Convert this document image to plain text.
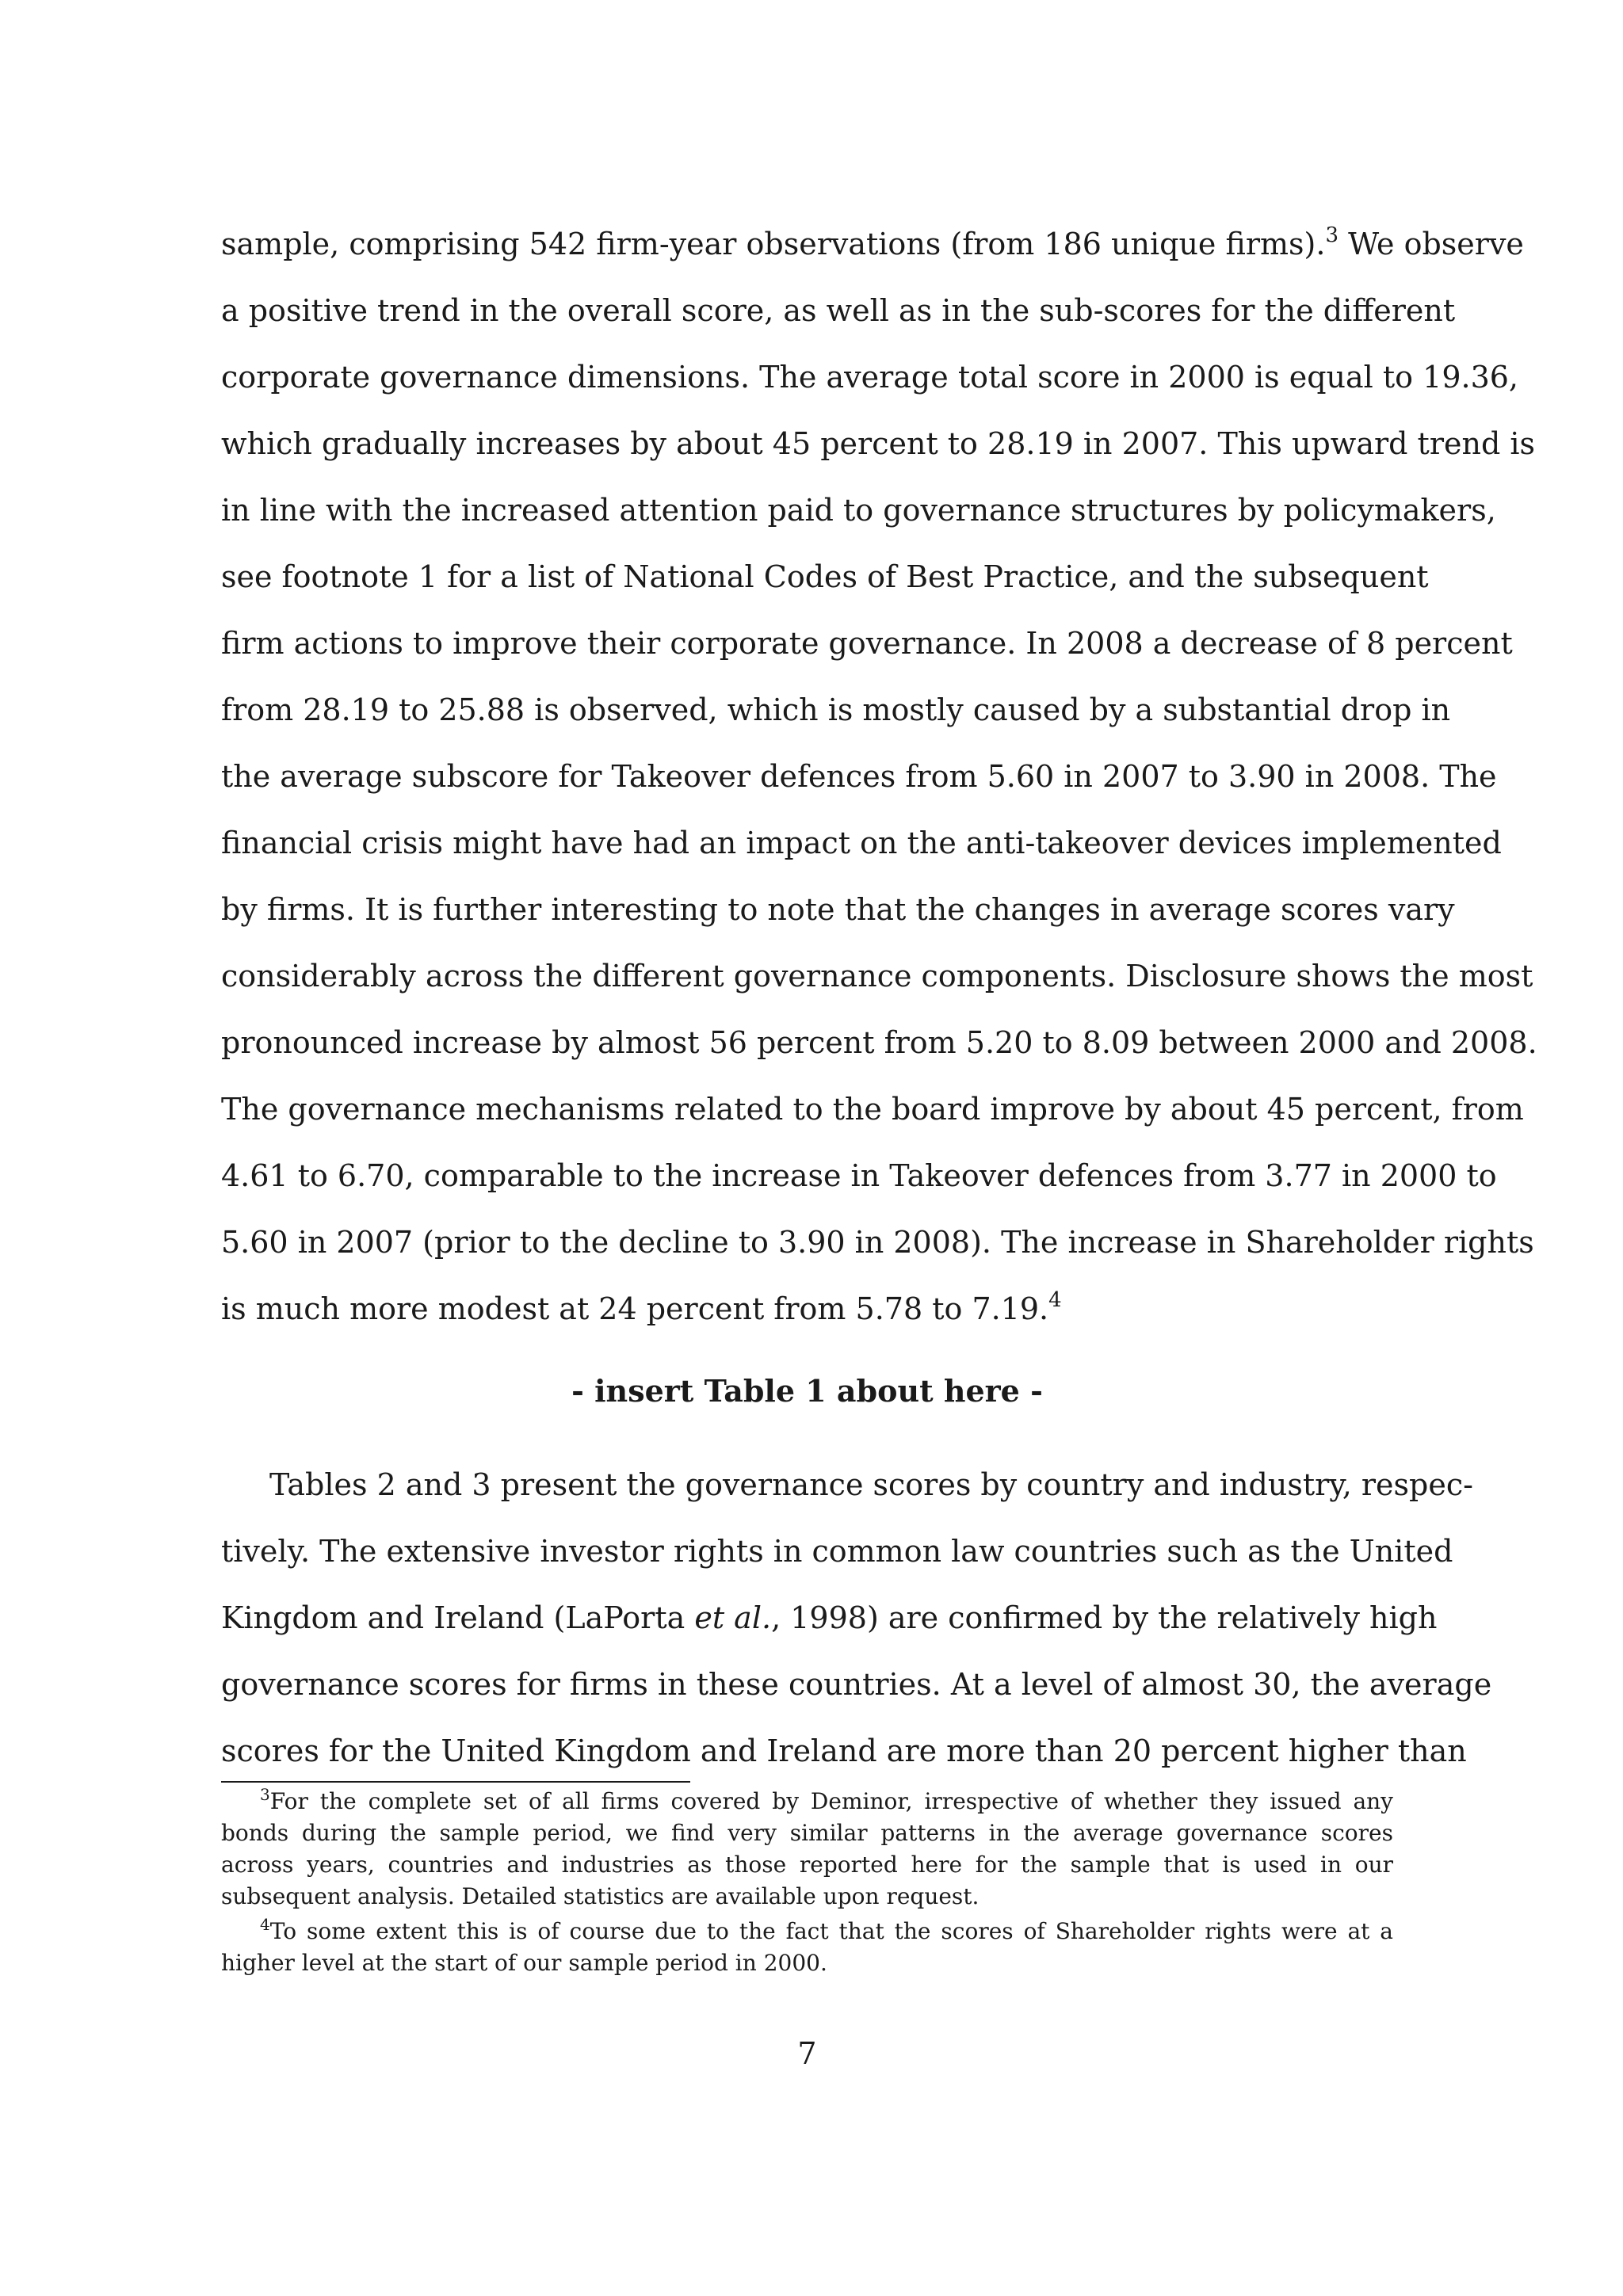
sample, comprising 542 firm-year observations (from 186 unique firms).$^3$ We observe
a positive trend in the overall score, as well as in the sub-scores for the different
corporate governance dimensions. The average total score in 2000 is equal to 19.36,
which gradually increases by about 45 percent to 28.19 in 2007. This upward trend is
in line with the increased attention paid to governance structures by policymakers,
see footnote 1 for a list of National Codes of Best Practice, and the subsequent
firm actions to improve their corporate governance. In 2008 a decrease of 8 percent
from 28.19 to 25.88 is observed, which is mostly caused by a substantial drop in
the average subscore for Takeover defences from 5.60 in 2007 to 3.90 in 2008. The
financial crisis might have had an impact on the anti-takeover devices implemented
by firms. It is further interesting to note that the changes in average scores vary
considerably across the different governance components. Disclosure shows the most
pronounced increase by almost 56 percent from 5.20 to 8.09 between 2000 and 2008.
The governance mechanisms related to the board improve by about 45 percent, from
4.61 to 6.70, comparable to the increase in Takeover defences from 3.77 in 2000 to
5.60 in 2007 (prior to the decline to 3.90 in 2008). The increase in Shareholder rights
is much more modest at 24 percent from 5.78 to 7.19.$^4$
- insert Table 1 about here -
Tables 2 and 3 present the governance scores by country and industry, respec-
tively. The extensive investor rights in common law countries such as the United
Kingdom and Ireland (LaPorta et al., 1998) are confirmed by the relatively high
governance scores for firms in these countries. At a level of almost 30, the average
scores for the United Kingdom and Ireland are more than 20 percent higher than
$^3$For the complete set of all firms covered by Deminor, irrespective of whether they issued any
bonds during the sample period, we find very similar patterns in the average governance scores
across years, countries and industries as those reported here for the sample that is used in our
subsequent analysis. Detailed statistics are available upon request.
$^4$To some extent this is of course due to the fact that the scores of Shareholder rights were at a
higher level at the start of our sample period in 2000.
7
